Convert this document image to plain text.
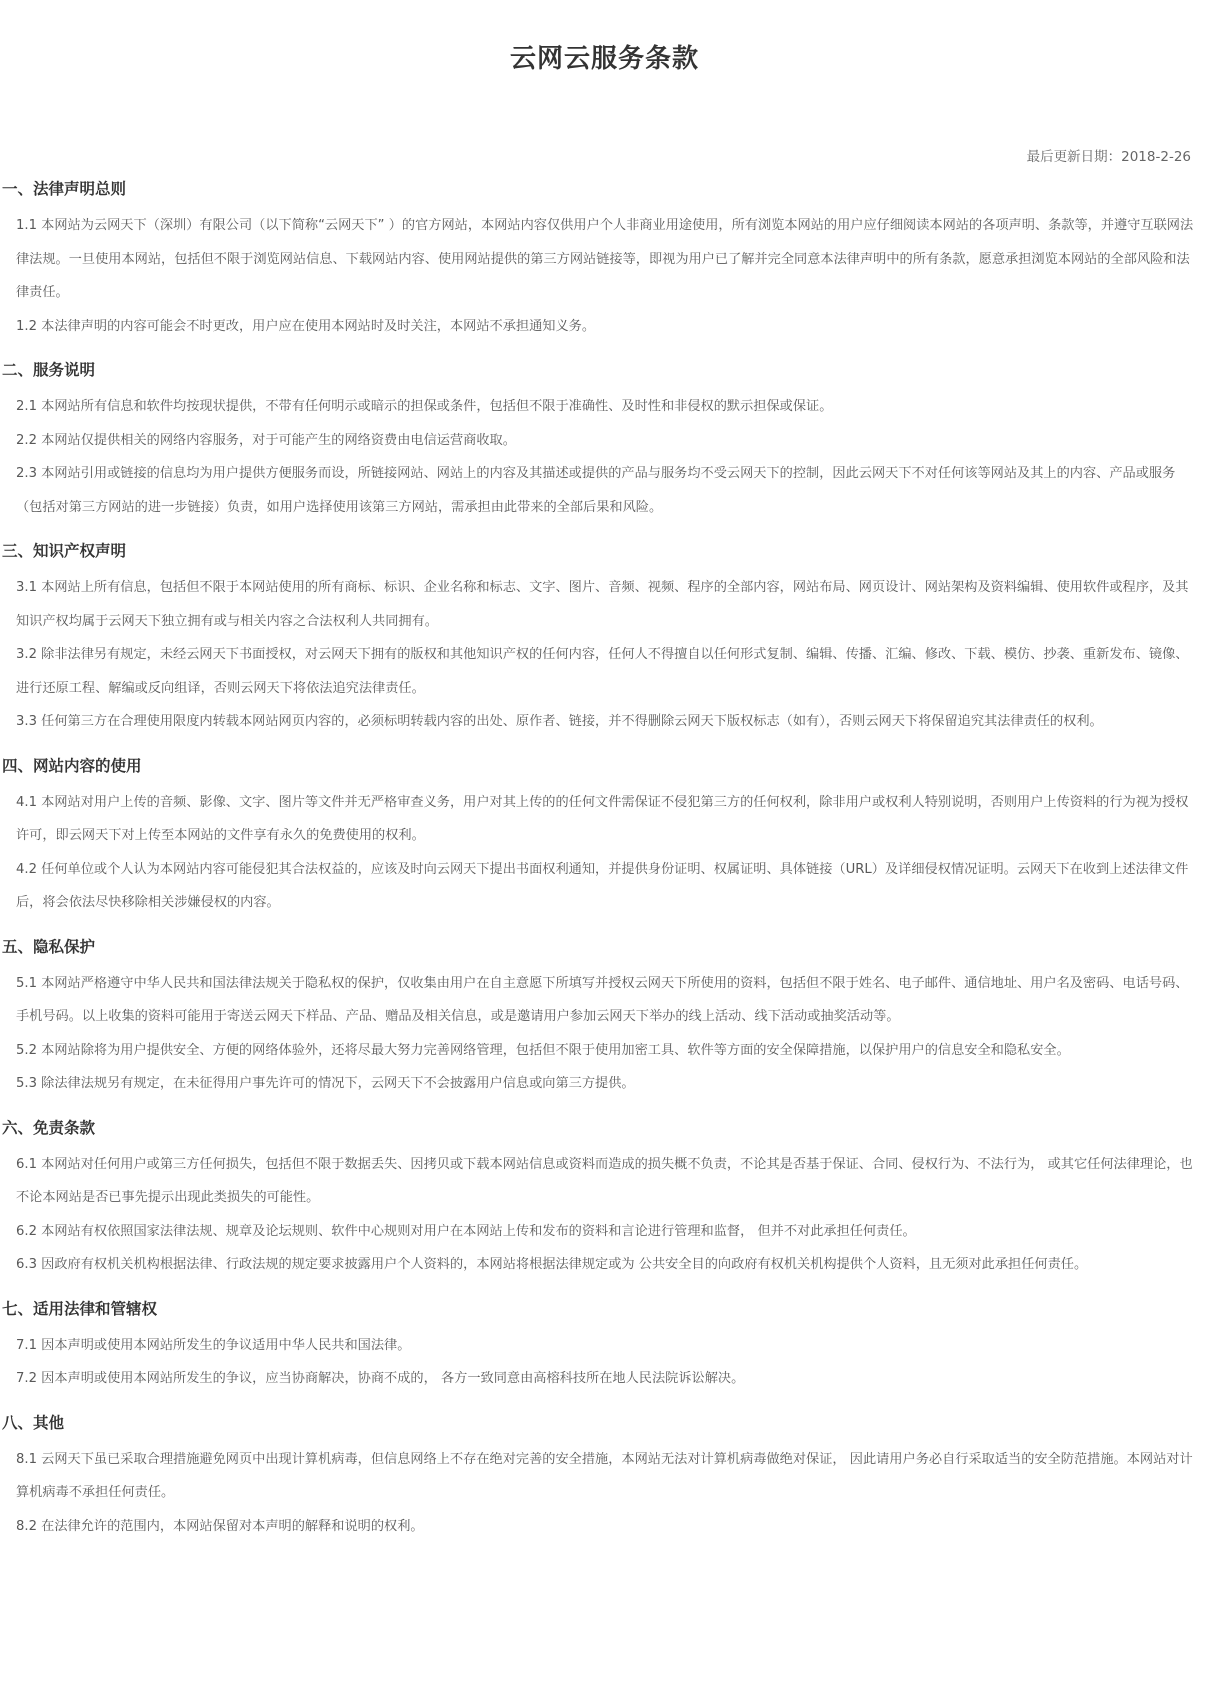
云网云服务条款
最后更新日期：2018-2-26
一、法律声明总则

1.1 本网站为云网天下（深圳）有限公司（以下简称“云网天下” ）的官方网站，本网站内容仅供用户个人非商业用途使用，所有浏览本网站的用户应仔细阅读本网站的各项声明、条款等，并遵守互联网法律法规。一旦使用本网站，包括但不限于浏览网站信息、下载网站内容、使用网站提供的第三方网站链接等，即视为用户已了解并完全同意本法律声明中的所有条款，愿意承担浏览本网站的全部风险和法律责任。

1.2 本法律声明的内容可能会不时更改，用户应在使用本网站时及时关注，本网站不承担通知义务。

二、服务说明

2.1 本网站所有信息和软件均按现状提供，不带有任何明示或暗示的担保或条件，包括但不限于准确性、及时性和非侵权的默示担保或保证。

2.2 本网站仅提供相关的网络内容服务，对于可能产生的网络资费由电信运营商收取。

2.3 本网站引用或链接的信息均为用户提供方便服务而设，所链接网站、网站上的内容及其描述或提供的产品与服务均不受云网天下的控制，因此云网天下不对任何该等网站及其上的内容、产品或服务（包括对第三方网站的进一步链接）负责，如用户选择使用该第三方网站，需承担由此带来的全部后果和风险。

三、知识产权声明

3.1 本网站上所有信息，包括但不限于本网站使用的所有商标、标识、企业名称和标志、文字、图片、音频、视频、程序的全部内容，网站布局、网页设计、网站架构及资料编辑、使用软件或程序，及其知识产权均属于云网天下独立拥有或与相关内容之合法权利人共同拥有。

3.2 除非法律另有规定，未经云网天下书面授权，对云网天下拥有的版权和其他知识产权的任何内容，任何人不得擅自以任何形式复制、编辑、传播、汇编、修改、下载、模仿、抄袭、重新发布、镜像、进行还原工程、解编或反向组译，否则云网天下将依法追究法律责任。

3.3 任何第三方在合理使用限度内转载本网站网页内容的，必须标明转载内容的出处、原作者、链接，并不得删除云网天下版权标志（如有），否则云网天下将保留追究其法律责任的权利。

四、网站内容的使用

4.1 本网站对用户上传的音频、影像、文字、图片等文件并无严格审查义务，用户对其上传的的任何文件需保证不侵犯第三方的任何权利，除非用户或权利人特别说明，否则用户上传资料的行为视为授权许可，即云网天下对上传至本网站的文件享有永久的免费使用的权利。

4.2 任何单位或个人认为本网站内容可能侵犯其合法权益的，应该及时向云网天下提出书面权利通知，并提供身份证明、权属证明、具体链接（URL）及详细侵权情况证明。云网天下在收到上述法律文件后，将会依法尽快移除相关涉嫌侵权的内容。

五、隐私保护

5.1 本网站严格遵守中华人民共和国法律法规关于隐私权的保护，仅收集由用户在自主意愿下所填写并授权云网天下所使用的资料，包括但不限于姓名、电子邮件、通信地址、用户名及密码、电话号码、手机号码。以上收集的资料可能用于寄送云网天下样品、产品、赠品及相关信息，或是邀请用户参加云网天下举办的线上活动、线下活动或抽奖活动等。

5.2 本网站除将为用户提供安全、方便的网络体验外，还将尽最大努力完善网络管理，包括但不限于使用加密工具、软件等方面的安全保障措施，以保护用户的信息安全和隐私安全。

5.3 除法律法规另有规定，在未征得用户事先许可的情况下，云网天下不会披露用户信息或向第三方提供。

六、免责条款

6.1 本网站对任何用户或第三方任何损失，包括但不限于数据丢失、因拷贝或下载本网站信息或资料而造成的损失概不负责，不论其是否基于保证、合同、侵权行为、不法行为， 或其它任何法律理论，也不论本网站是否已事先提示出现此类损失的可能性。

6.2 本网站有权依照国家法律法规、规章及论坛规则、软件中心规则对用户在本网站上传和发布的资料和言论进行管理和监督， 但并不对此承担任何责任。

6.3 因政府有权机关机构根据法律、行政法规的规定要求披露用户个人资料的，本网站将根据法律规定或为 公共安全目的向政府有权机关机构提供个人资料，且无须对此承担任何责任。

七、适用法律和管辖权

7.1 因本声明或使用本网站所发生的争议适用中华人民共和国法律。

7.2 因本声明或使用本网站所发生的争议，应当协商解决，协商不成的， 各方一致同意由高榕科技所在地人民法院诉讼解决。

八、其他

8.1 云网天下虽已采取合理措施避免网页中出现计算机病毒，但信息网络上不存在绝对完善的安全措施，本网站无法对计算机病毒做绝对保证， 因此请用户务必自行采取适当的安全防范措施。本网站对计算机病毒不承担任何责任。

8.2 在法律允许的范围内，本网站保留对本声明的解释和说明的权利。
